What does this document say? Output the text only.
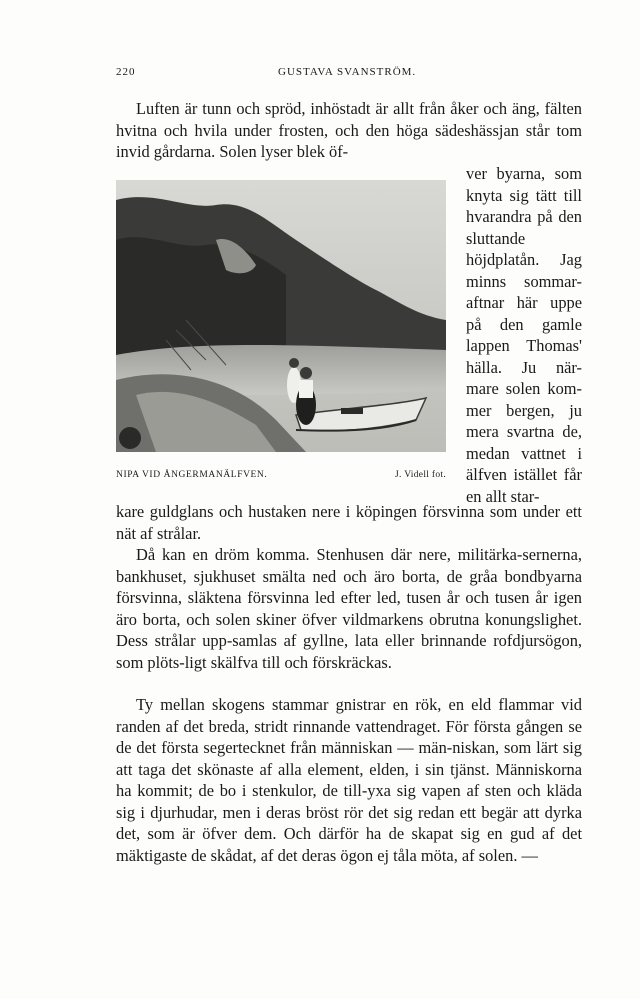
220	GUSTAVA SVANSTRÖM.
Luften är tunn och spröd, inhöstadt är allt från åker och äng, fälten hvitna och hvila under frosten, och den höga sädeshässjan står tom invid gårdarna. Solen lyser blek öf-
NIPA VID ÅNGERMANÄLFVEN.	J. Videll fot.
ver byarna, som knyta sig tätt till hvarandra på den sluttande höjdplatån. Jag minns sommar-aftnar här uppe på den gamle lappen Thomas' hälla. Ju när-mare solen kom-mer bergen, ju mera svartna de, medan vattnet i älfven istället får en allt star-
kare guldglans och hustaken nere i köpingen försvinna som under ett nät af strålar.
Då kan en dröm komma. Stenhusen där nere, militärka-sernerna, bankhuset, sjukhuset smälta ned och äro borta, de gråa bondbyarna försvinna, släktena försvinna led efter led, tusen år och tusen år igen äro borta, och solen skiner öfver vildmarkens obrutna konungslighet. Dess strålar upp-samlas af gyllne, lata eller brinnande rofdjursögon, som plöts-ligt skälfva till och förskräckas.
Ty mellan skogens stammar gnistrar en rök, en eld flammar vid randen af det breda, stridt rinnande vattendraget. För första gången se de det första segertecknet från människan — män-niskan, som lärt sig att taga det skönaste af alla element, elden, i sin tjänst. Människorna ha kommit; de bo i stenkulor, de till-yxa sig vapen af sten och kläda sig i djurhudar, men i deras bröst rör det sig redan ett begär att dyrka det, som är öfver dem. Och därför ha de skapat sig en gud af det mäktigaste de skådat, af det deras ögon ej tåla möta, af solen. —
